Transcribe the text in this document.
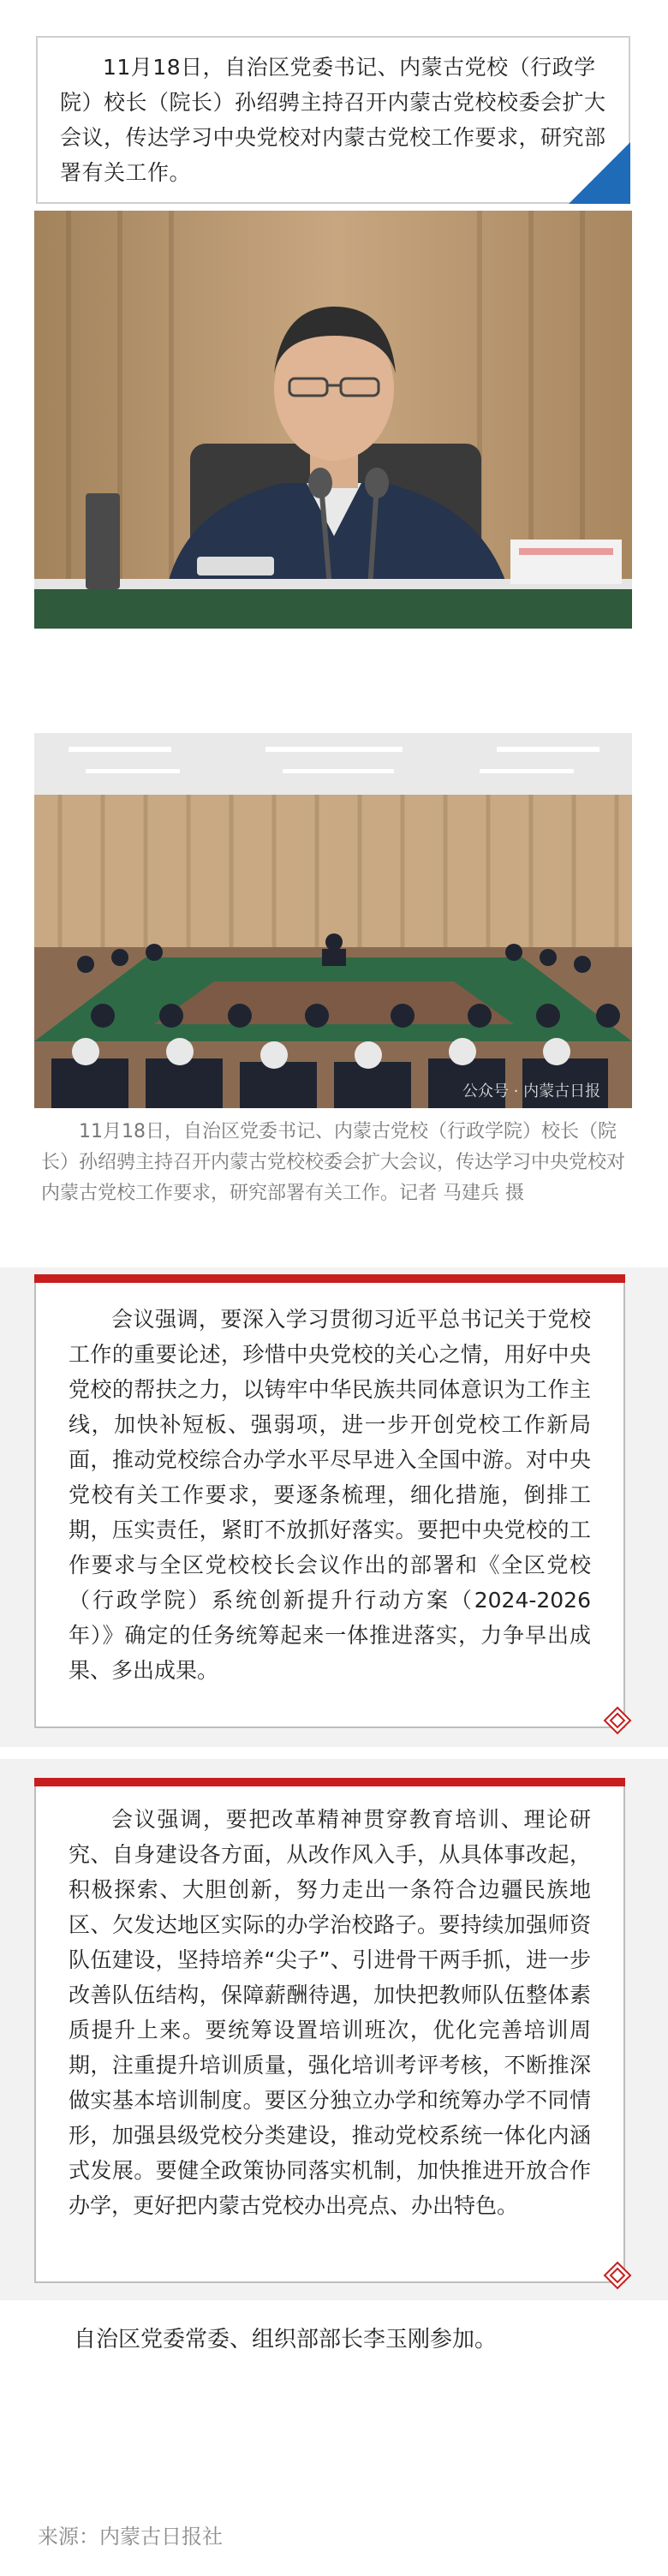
11月18日，自治区党委书记、内蒙古党校（行政学院）校长（院长）孙绍骋主持召开内蒙古党校校委会扩大会议，传达学习中央党校对内蒙古党校工作要求，研究部署有关工作。
公众号 · 内蒙古日报
11月18日，自治区党委书记、内蒙古党校（行政学院）校长（院长）孙绍骋主持召开内蒙古党校校委会扩大会议，传达学习中央党校对内蒙古党校工作要求，研究部署有关工作。记者 马建兵 摄
会议强调，要深入学习贯彻习近平总书记关于党校工作的重要论述，珍惜中央党校的关心之情，用好中央党校的帮扶之力，以铸牢中华民族共同体意识为工作主线，加快补短板、强弱项，进一步开创党校工作新局面，推动党校综合办学水平尽早进入全国中游。对中央党校有关工作要求，要逐条梳理，细化措施，倒排工期，压实责任，紧盯不放抓好落实。要把中央党校的工作要求与全区党校校长会议作出的部署和《全区党校（行政学院）系统创新提升行动方案（2024-2026年）》确定的任务统筹起来一体推进落实，力争早出成果、多出成果。
会议强调，要把改革精神贯穿教育培训、理论研究、自身建设各方面，从改作风入手，从具体事改起，积极探索、大胆创新，努力走出一条符合边疆民族地区、欠发达地区实际的办学治校路子。要持续加强师资队伍建设，坚持培养“尖子”、引进骨干两手抓，进一步改善队伍结构，保障薪酬待遇，加快把教师队伍整体素质提升上来。要统筹设置培训班次，优化完善培训周期，注重提升培训质量，强化培训考评考核，不断推深做实基本培训制度。要区分独立办学和统筹办学不同情形，加强县级党校分类建设，推动党校系统一体化内涵式发展。要健全政策协同落实机制，加快推进开放合作办学，更好把内蒙古党校办出亮点、办出特色。
自治区党委常委、组织部部长李玉刚参加。
来源：内蒙古日报社
